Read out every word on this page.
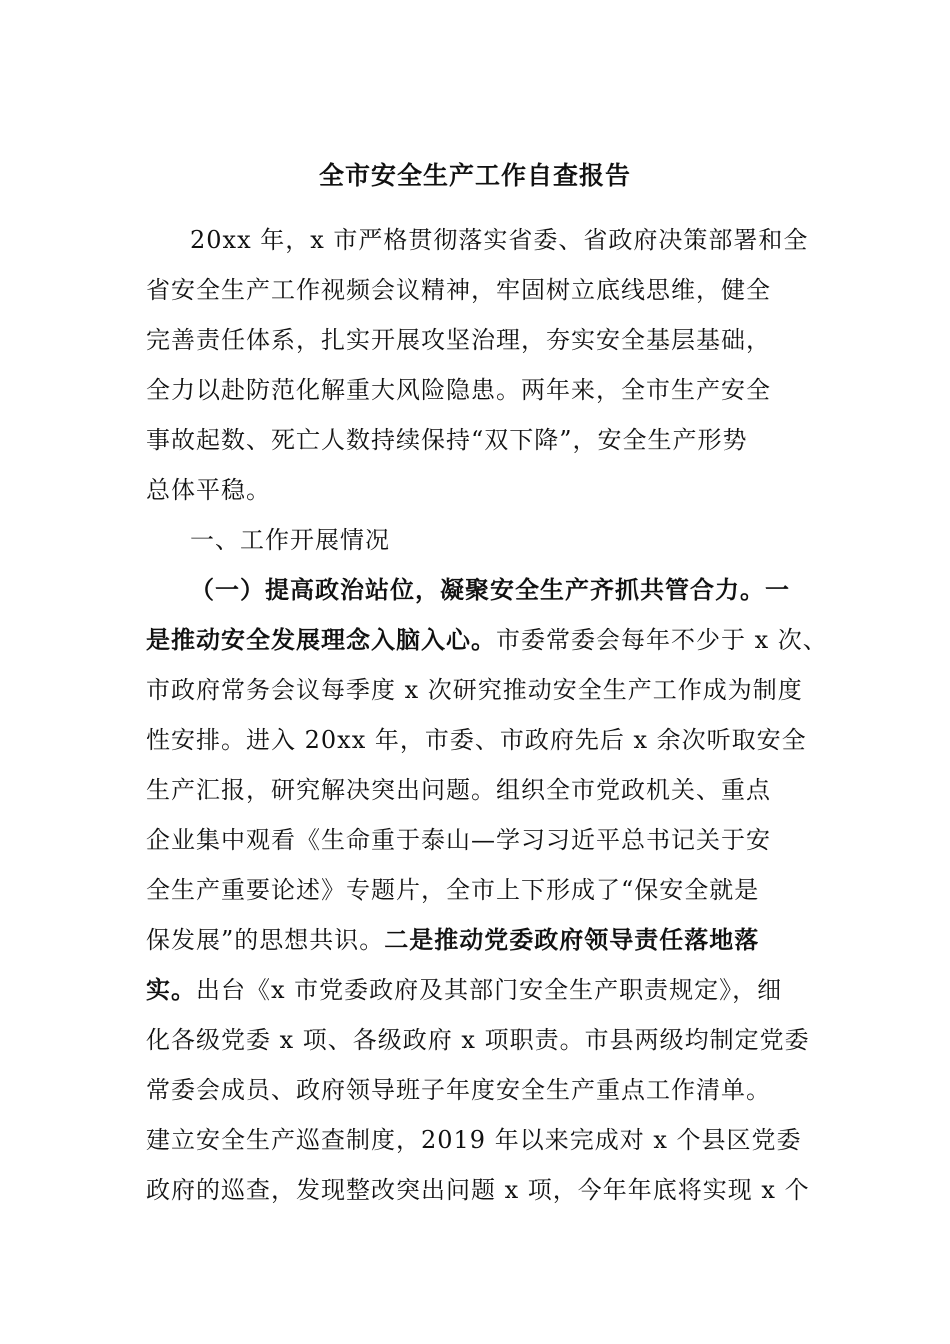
全市安全生产工作自查报告
20xx 年，x 市严格贯彻落实省委、省政府决策部署和全
省安全生产工作视频会议精神，牢固树立底线思维，健全
完善责任体系，扎实开展攻坚治理，夯实安全基层基础，
全力以赴防范化解重大风险隐患。两年来，全市生产安全
事故起数、死亡人数持续保持“双下降”，安全生产形势
总体平稳。
一、工作开展情况
（一）提高政治站位，凝聚安全生产齐抓共管合力。一
是推动安全发展理念入脑入心。市委常委会每年不少于 x 次、
市政府常务会议每季度 x 次研究推动安全生产工作成为制度
性安排。进入 20xx 年，市委、市政府先后 x 余次听取安全
生产汇报，研究解决突出问题。组织全市党政机关、重点
企业集中观看《生命重于泰山—学习习近平总书记关于安
全生产重要论述》专题片，全市上下形成了“保安全就是
保发展”的思想共识。二是推动党委政府领导责任落地落
实。出台《x 市党委政府及其部门安全生产职责规定》，细
化各级党委 x 项、各级政府 x 项职责。市县两级均制定党委
常委会成员、政府领导班子年度安全生产重点工作清单。
建立安全生产巡查制度，2019 年以来完成对 x 个县区党委
政府的巡查，发现整改突出问题 x 项，今年年底将实现 x 个
